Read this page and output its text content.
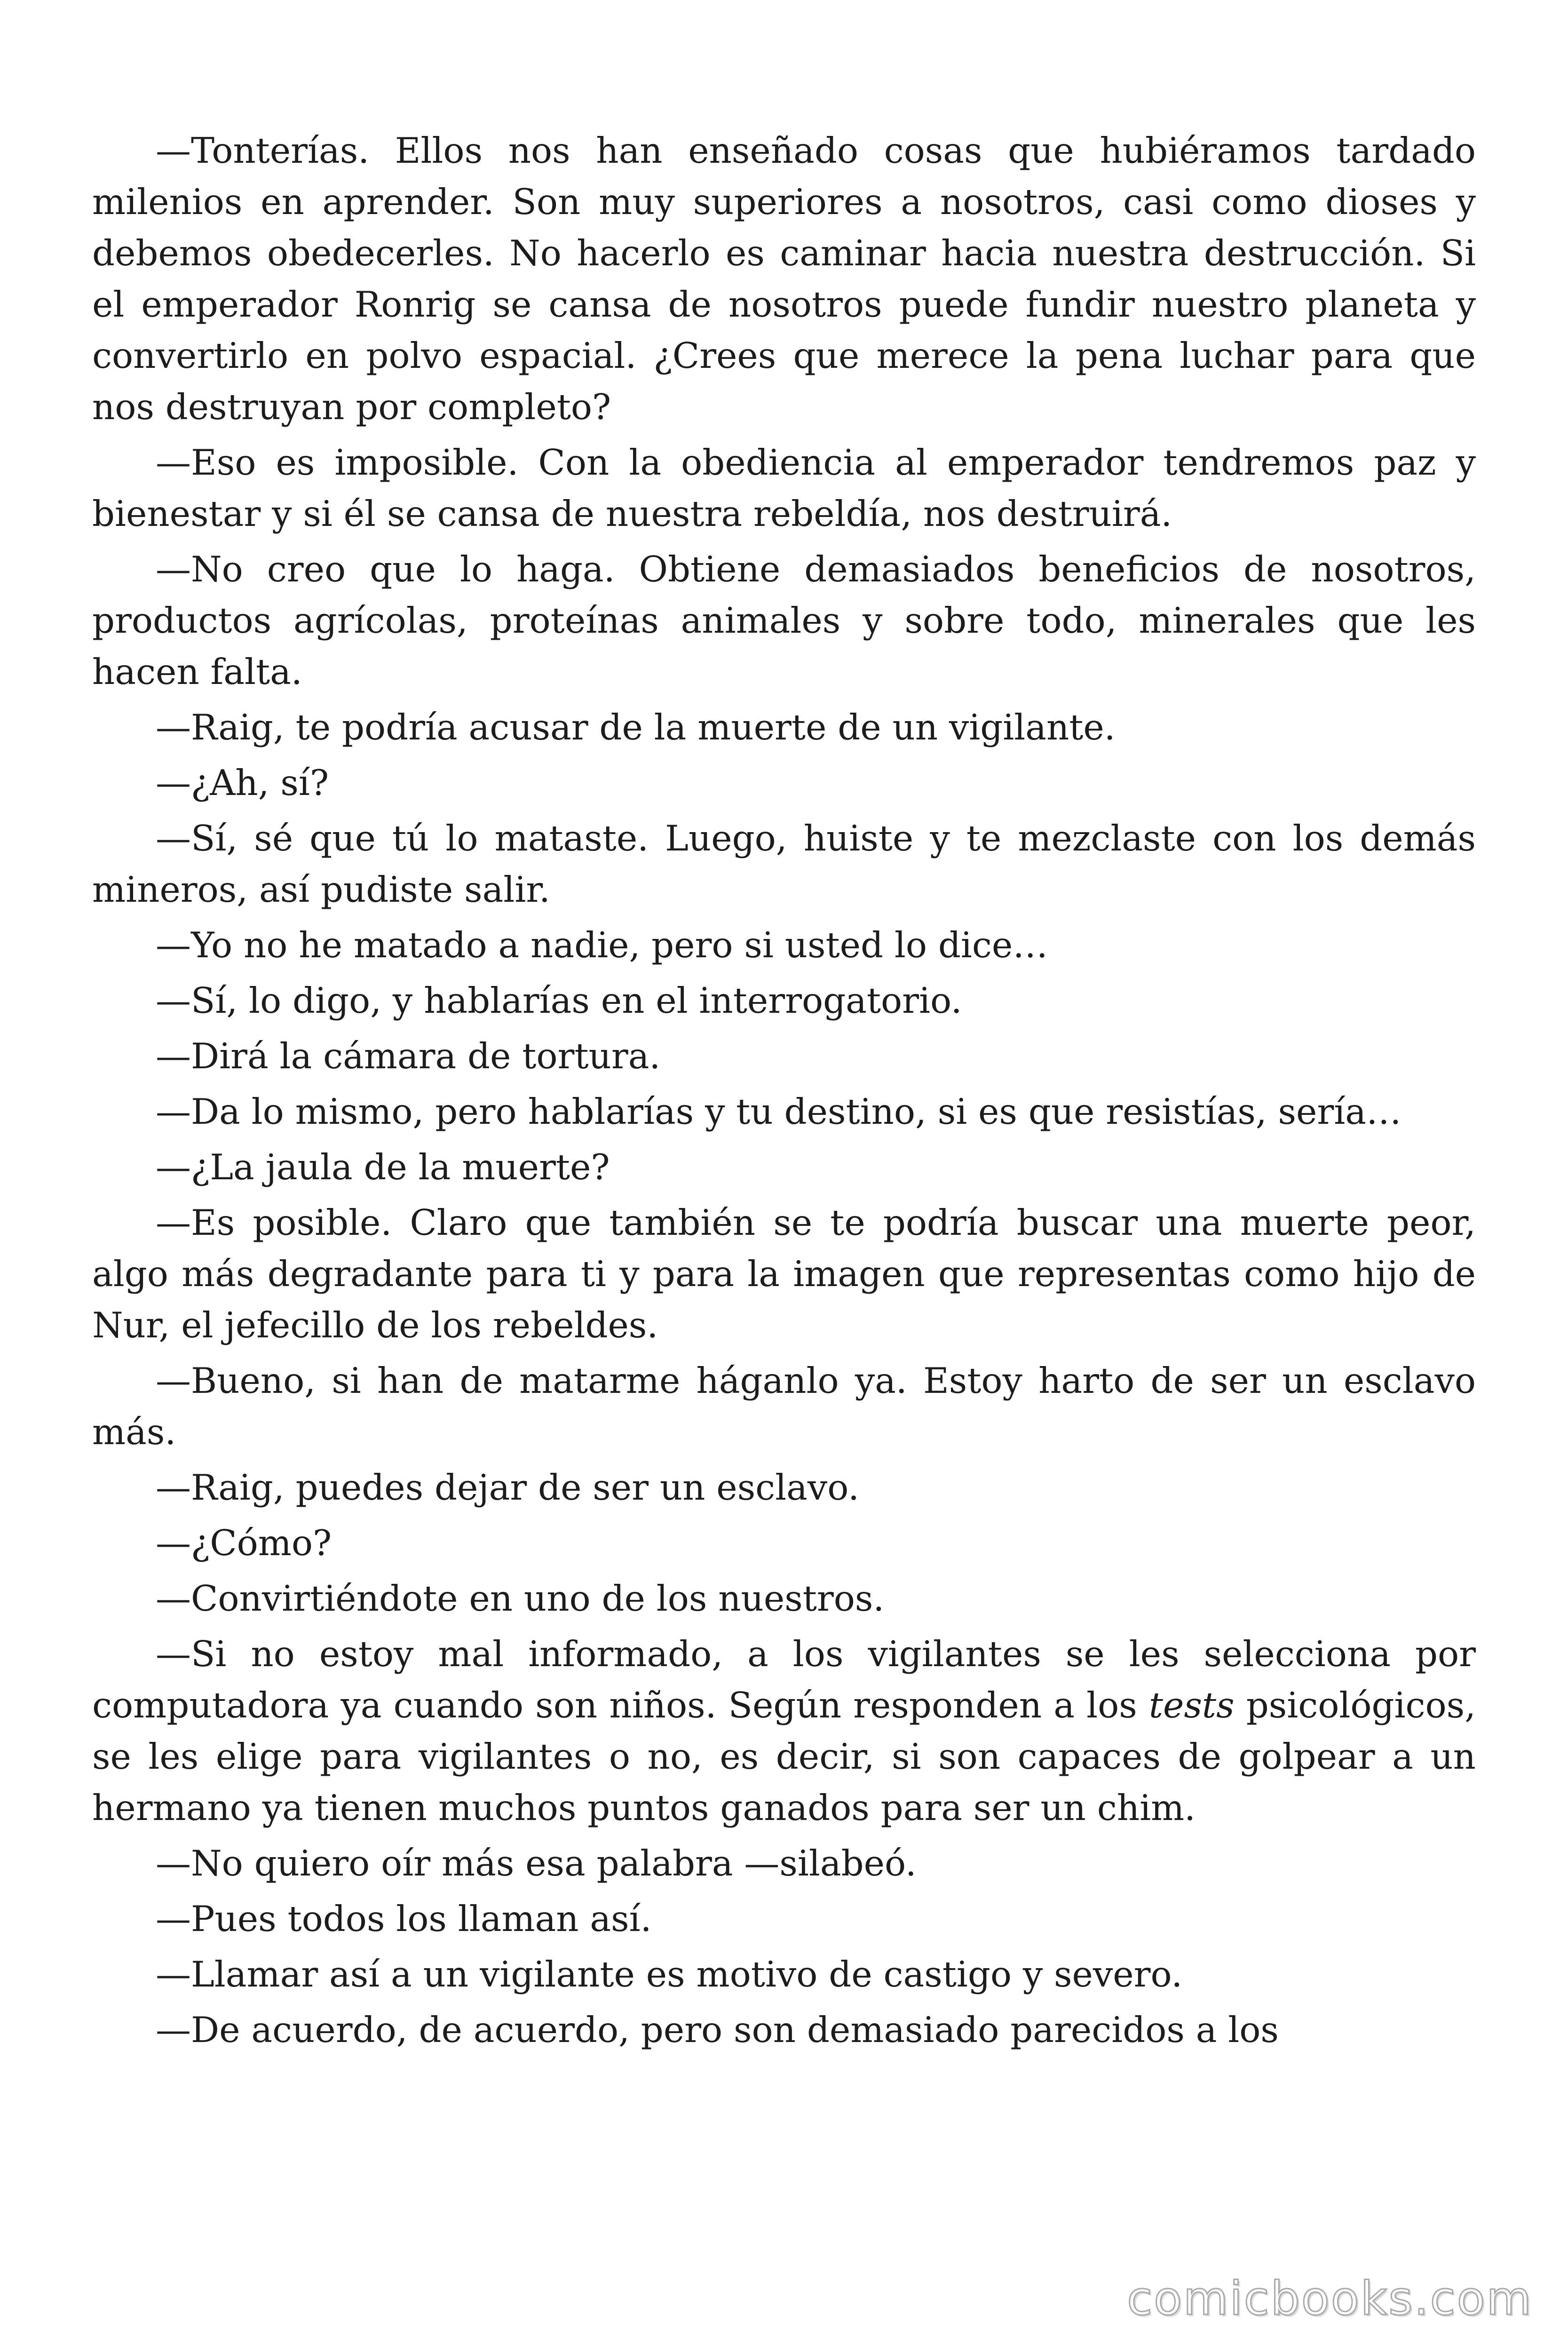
—Tonterías. Ellos nos han enseñado cosas que hubiéramos tardado milenios en aprender. Son muy superiores a nosotros, casi como dioses y debemos obedecerles. No hacerlo es caminar hacia nuestra destrucción. Si el emperador Ronrig se cansa de nosotros puede fundir nuestro planeta y convertirlo en polvo espacial. ¿Crees que merece la pena luchar para que nos destruyan por completo?

—Eso es imposible. Con la obediencia al emperador tendremos paz y bienestar y si él se cansa de nuestra rebeldía, nos destruirá.

—No creo que lo haga. Obtiene demasiados beneficios de nosotros, productos agrícolas, proteínas animales y sobre todo, minerales que les hacen falta.

—Raig, te podría acusar de la muerte de un vigilante.

—¿Ah, sí?

—Sí, sé que tú lo mataste. Luego, huiste y te mezclaste con los demás mineros, así pudiste salir.

—Yo no he matado a nadie, pero si usted lo dice…

—Sí, lo digo, y hablarías en el interrogatorio.

—Dirá la cámara de tortura.

—Da lo mismo, pero hablarías y tu destino, si es que resistías, sería…

—¿La jaula de la muerte?

—Es posible. Claro que también se te podría buscar una muerte peor, algo más degradante para ti y para la imagen que representas como hijo de Nur, el jefecillo de los rebeldes.

—Bueno, si han de matarme háganlo ya. Estoy harto de ser un esclavo más.

—Raig, puedes dejar de ser un esclavo.

—¿Cómo?

—Convirtiéndote en uno de los nuestros.

—Si no estoy mal informado, a los vigilantes se les selecciona por computadora ya cuando son niños. Según responden a los tests psicológicos, se les elige para vigilantes o no, es decir, si son capaces de golpear a un hermano ya tienen muchos puntos ganados para ser un chim.

—No quiero oír más esa palabra —silabeó.

—Pues todos los llaman así.

—Llamar así a un vigilante es motivo de castigo y severo.

—De acuerdo, de acuerdo, pero son demasiado parecidos a los

comicbooks.com
